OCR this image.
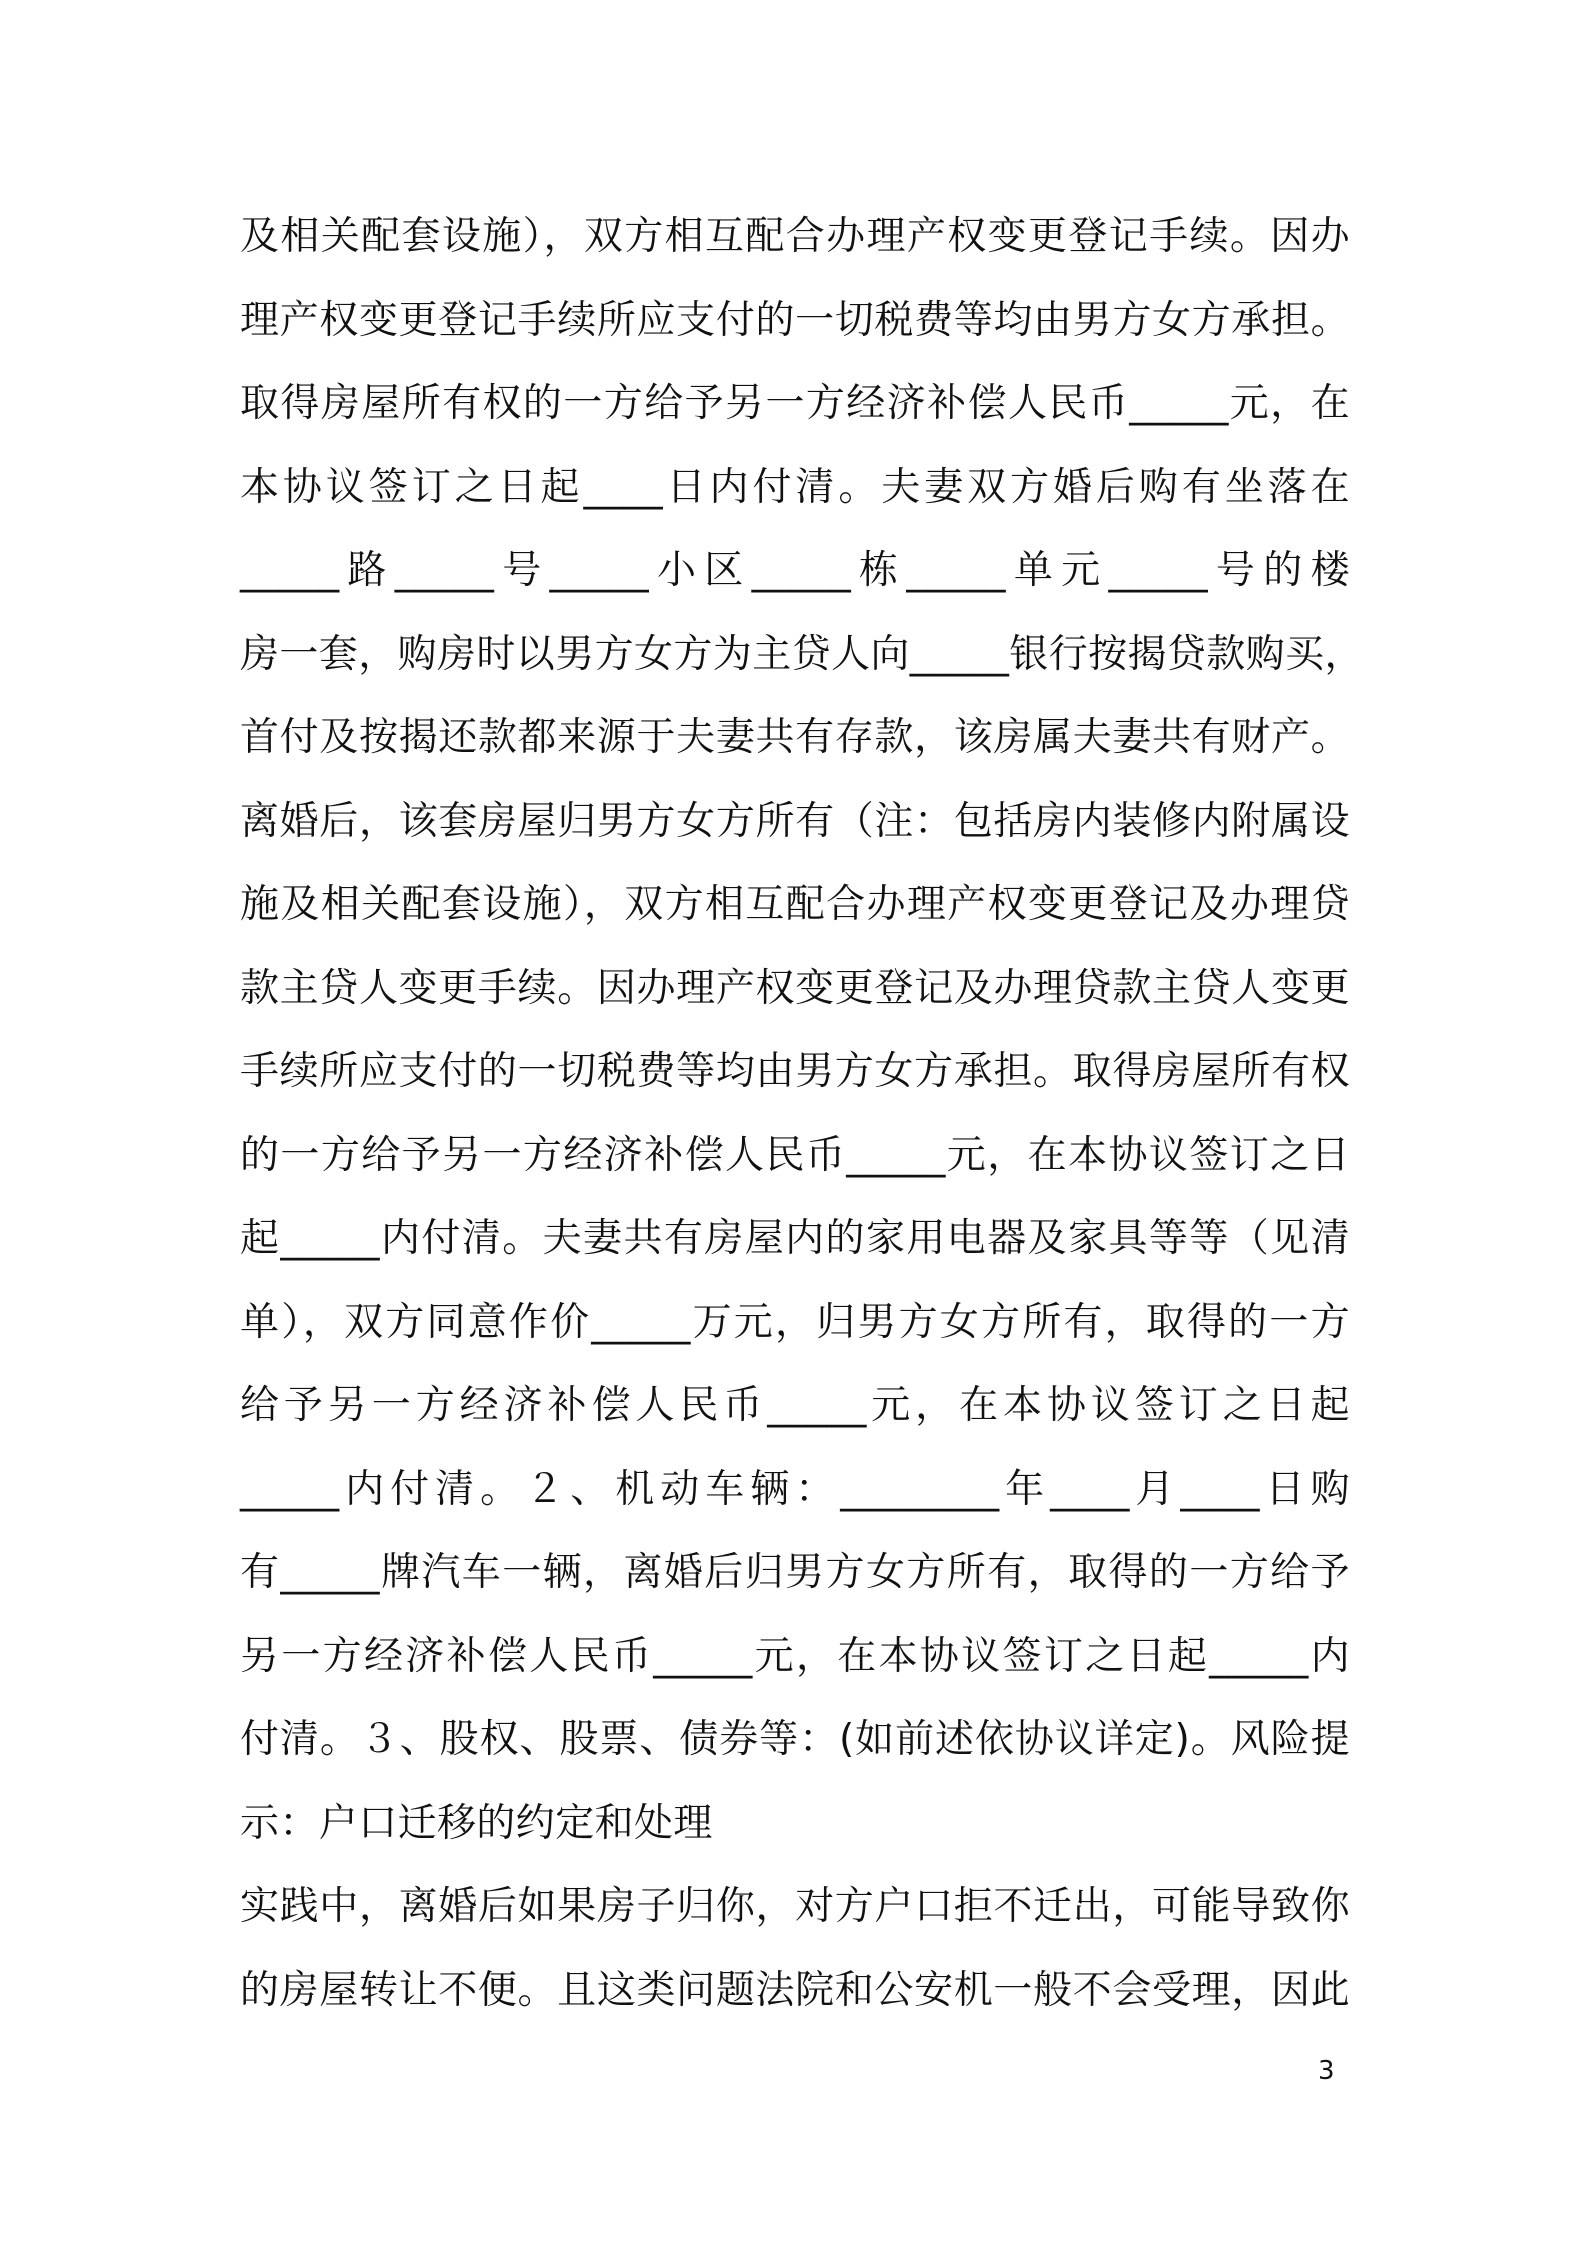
及相关配套设施），双方相互配合办理产权变更登记手续。因办
理产权变更登记手续所应支付的一切税费等均由男方女方承担。
取得房屋所有权的一方给予另一方经济补偿人民币_____元，在
本协议签订之日起____日内付清。夫妻双方婚后购有坐落在
_____路_____号_____小区_____栋_____单元_____号的楼
房一套，购房时以男方女方为主贷人向_____银行按揭贷款购买，
首付及按揭还款都来源于夫妻共有存款，该房属夫妻共有财产。
离婚后，该套房屋归男方女方所有（注：包括房内装修内附属设
施及相关配套设施），双方相互配合办理产权变更登记及办理贷
款主贷人变更手续。因办理产权变更登记及办理贷款主贷人变更
手续所应支付的一切税费等均由男方女方承担。取得房屋所有权
的一方给予另一方经济补偿人民币_____元，在本协议签订之日
起_____内付清。夫妻共有房屋内的家用电器及家具等等（见清
单），双方同意作价_____万元，归男方女方所有，取得的一方
给予另一方经济补偿人民币_____元，在本协议签订之日起
_____内付清。２、机动车辆：________年____月____日购
有_____牌汽车一辆，离婚后归男方女方所有，取得的一方给予
另一方经济补偿人民币_____元，在本协议签订之日起_____内
付清。３、股权、股票、债券等：(如前述依协议详定)。风险提
示：户口迁移的约定和处理
实践中，离婚后如果房子归你，对方户口拒不迁出，可能导致你
的房屋转让不便。且这类问题法院和公安机一般不会受理，因此
3
